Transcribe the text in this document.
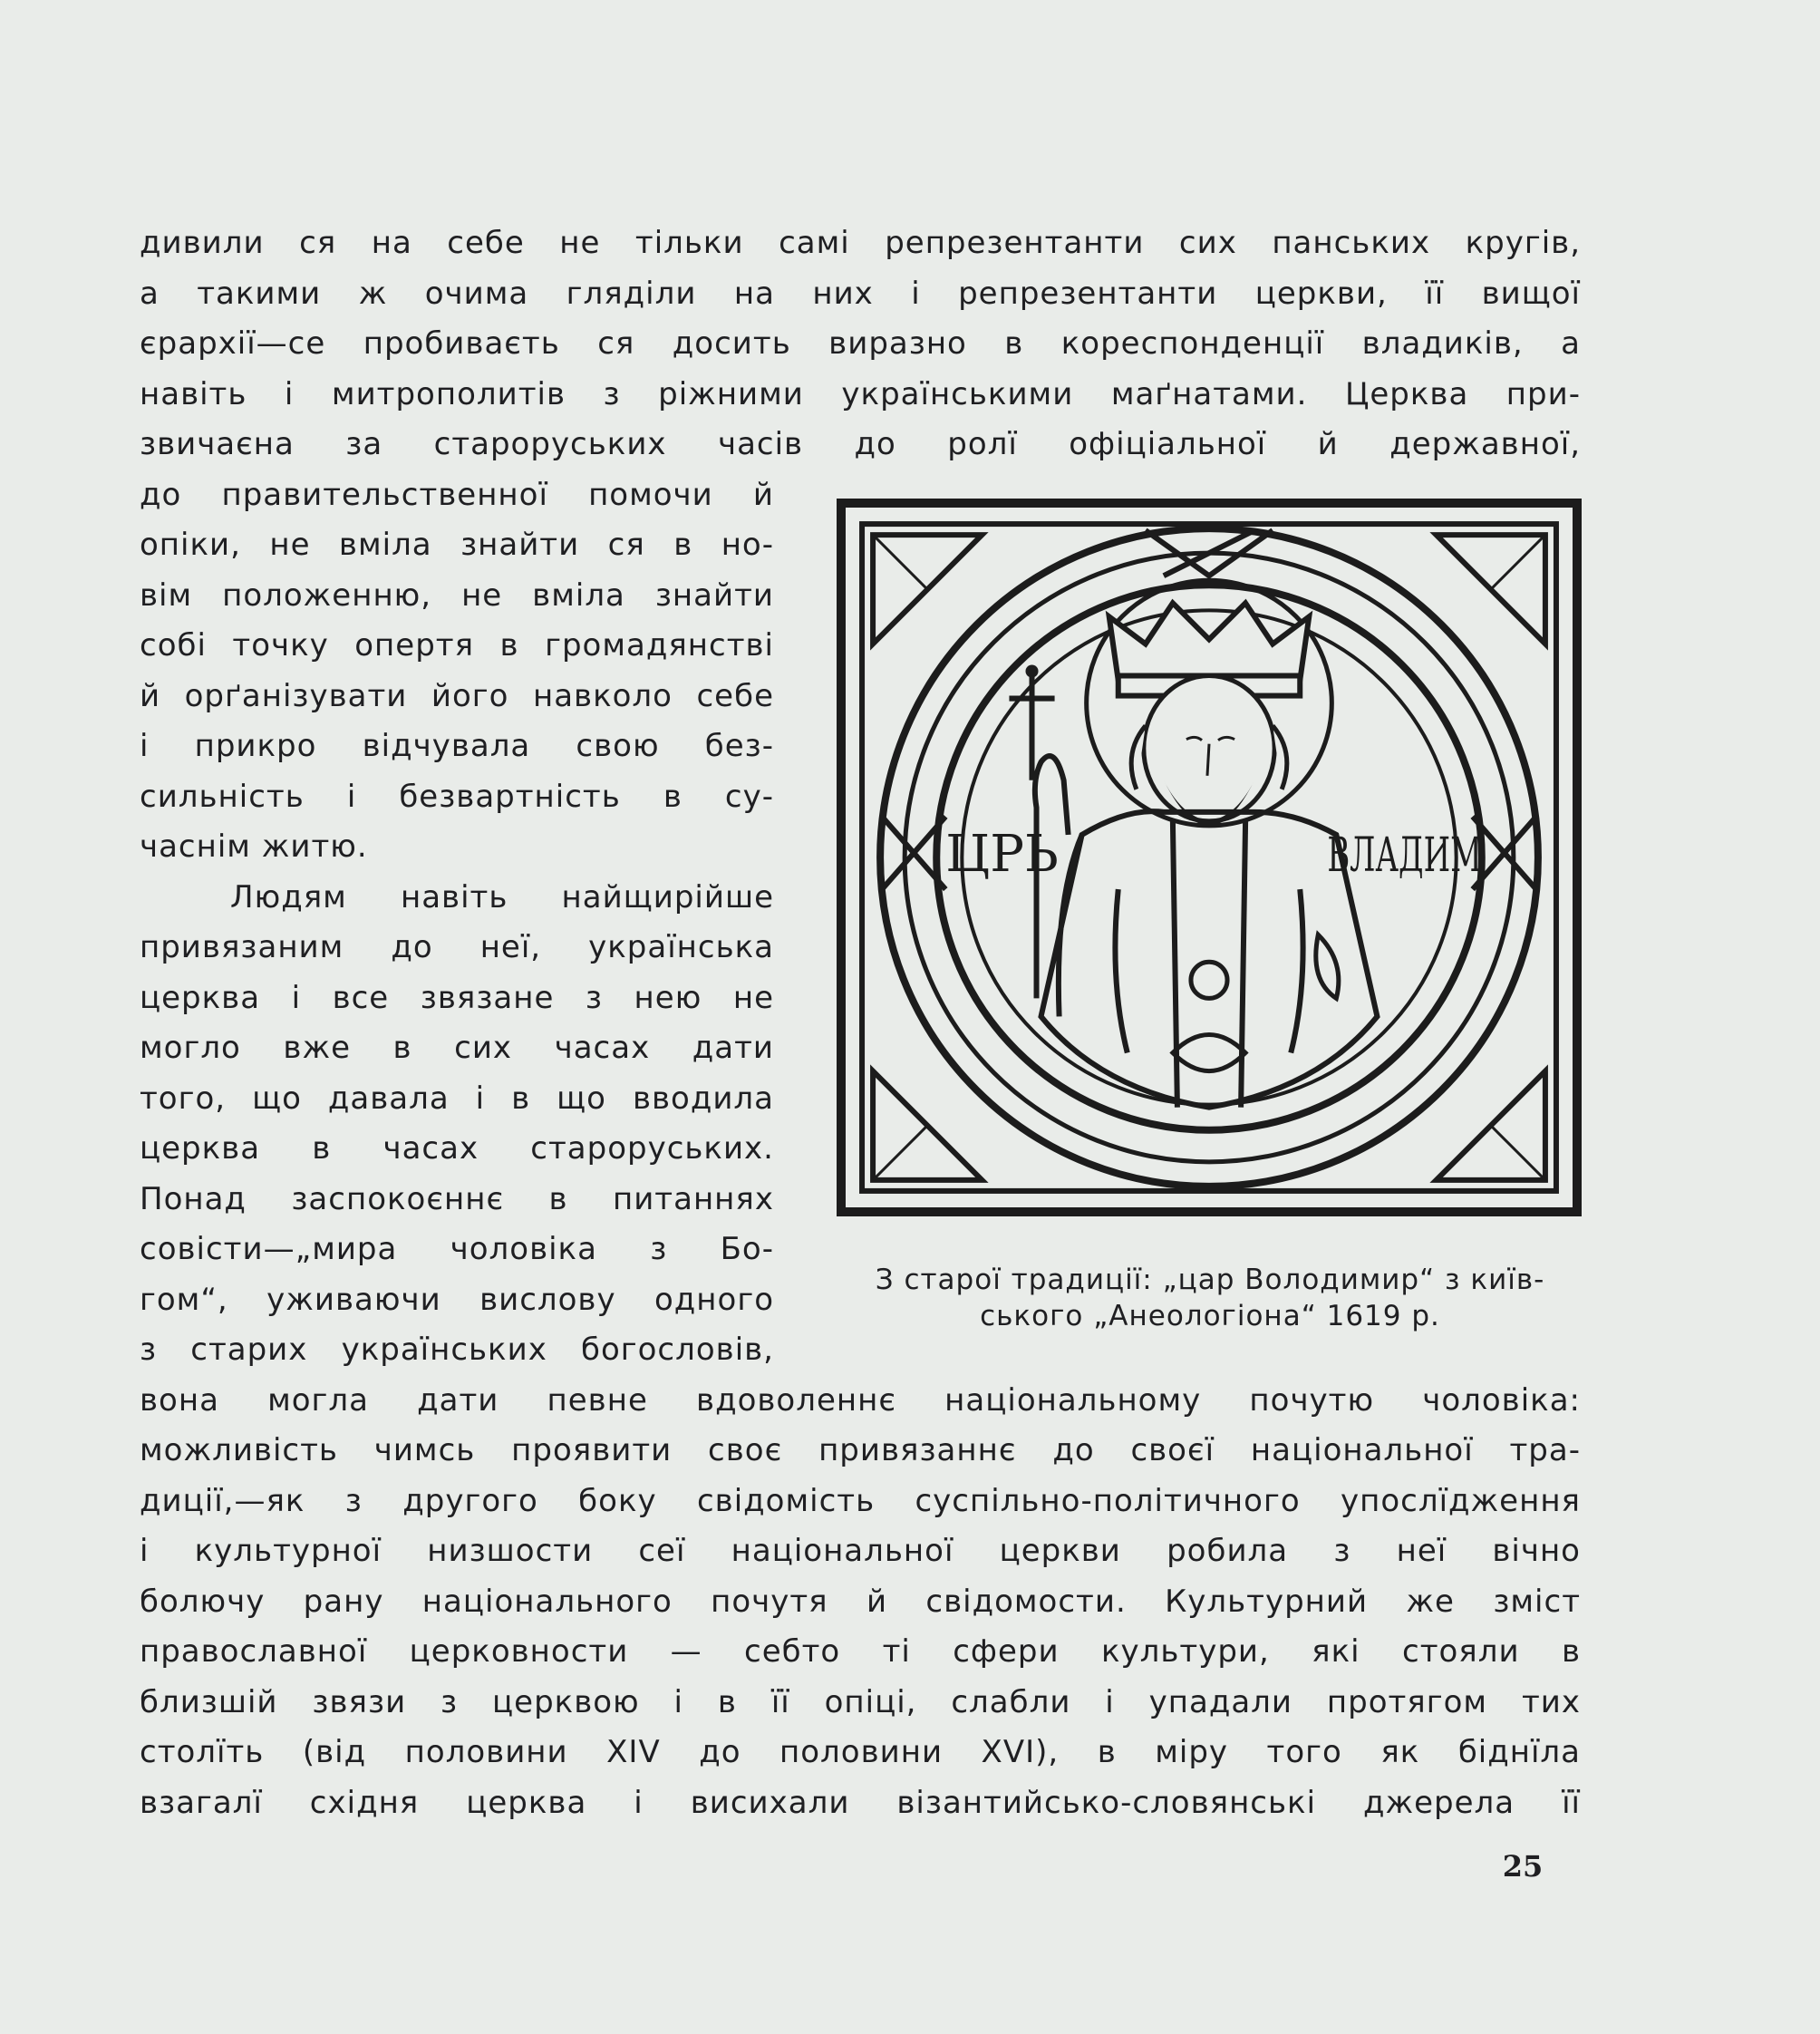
дивили ся на себе не тільки самі репрезентанти сих панських кругів,
а такими ж очима гляділи на них і репрезентанти церкви, її вищої
єрархії—се пробиваєть ся досить виразно в кореспонденції владиків, а
навіть і митрополитів з ріжними українськими маґнатами. Церква при-
звичаєна за староруських часів до ролї офіціальної й державної,
до правительственної помочи й
опіки, не вміла знайти ся в но-
вім положенню, не вміла знайти
собі точку опертя в громадянстві
й орґанізувати його навколо себе
і прикро відчувала свою без-
сильність і безвартність в су-
часнім житю.
Людям навіть найщирійше
привязаним до неї, українська
церква і все звязане з нею не
могло вже в сих часах дати
того, що давала і в що вводила
церква в часах староруських.
Понад заспокоєннє в питаннях
совісти—„мира чоловіка з Бо-
гом“, уживаючи вислову одного
з старих українських богословів,
ЦРЬ	ВЛАДИМ
З старої традиції: „цар Володимир“ з київ-
ського „Анеологіона“ 1619 р.
вона могла дати певне вдоволеннє національному почутю чоловіка:
можливість чимсь проявити своє привязаннє до своєї національної тра-
диції,—як з другого боку свідомість суспільно-політичного упослїдження
і культурної низшости сеї національної церкви робила з неї вічно
болючу рану національного почутя й свідомости. Культурний же зміст
православної церковности — себто ті сфери культури, які стояли в
близшій звязи з церквою і в її опіці, слабли і упадали протягом тих
столїть (від половини XIV до половини XVI), в міру того як біднїла
взагалї східня церква і висихали візантийсько-словянські джерела її
25
